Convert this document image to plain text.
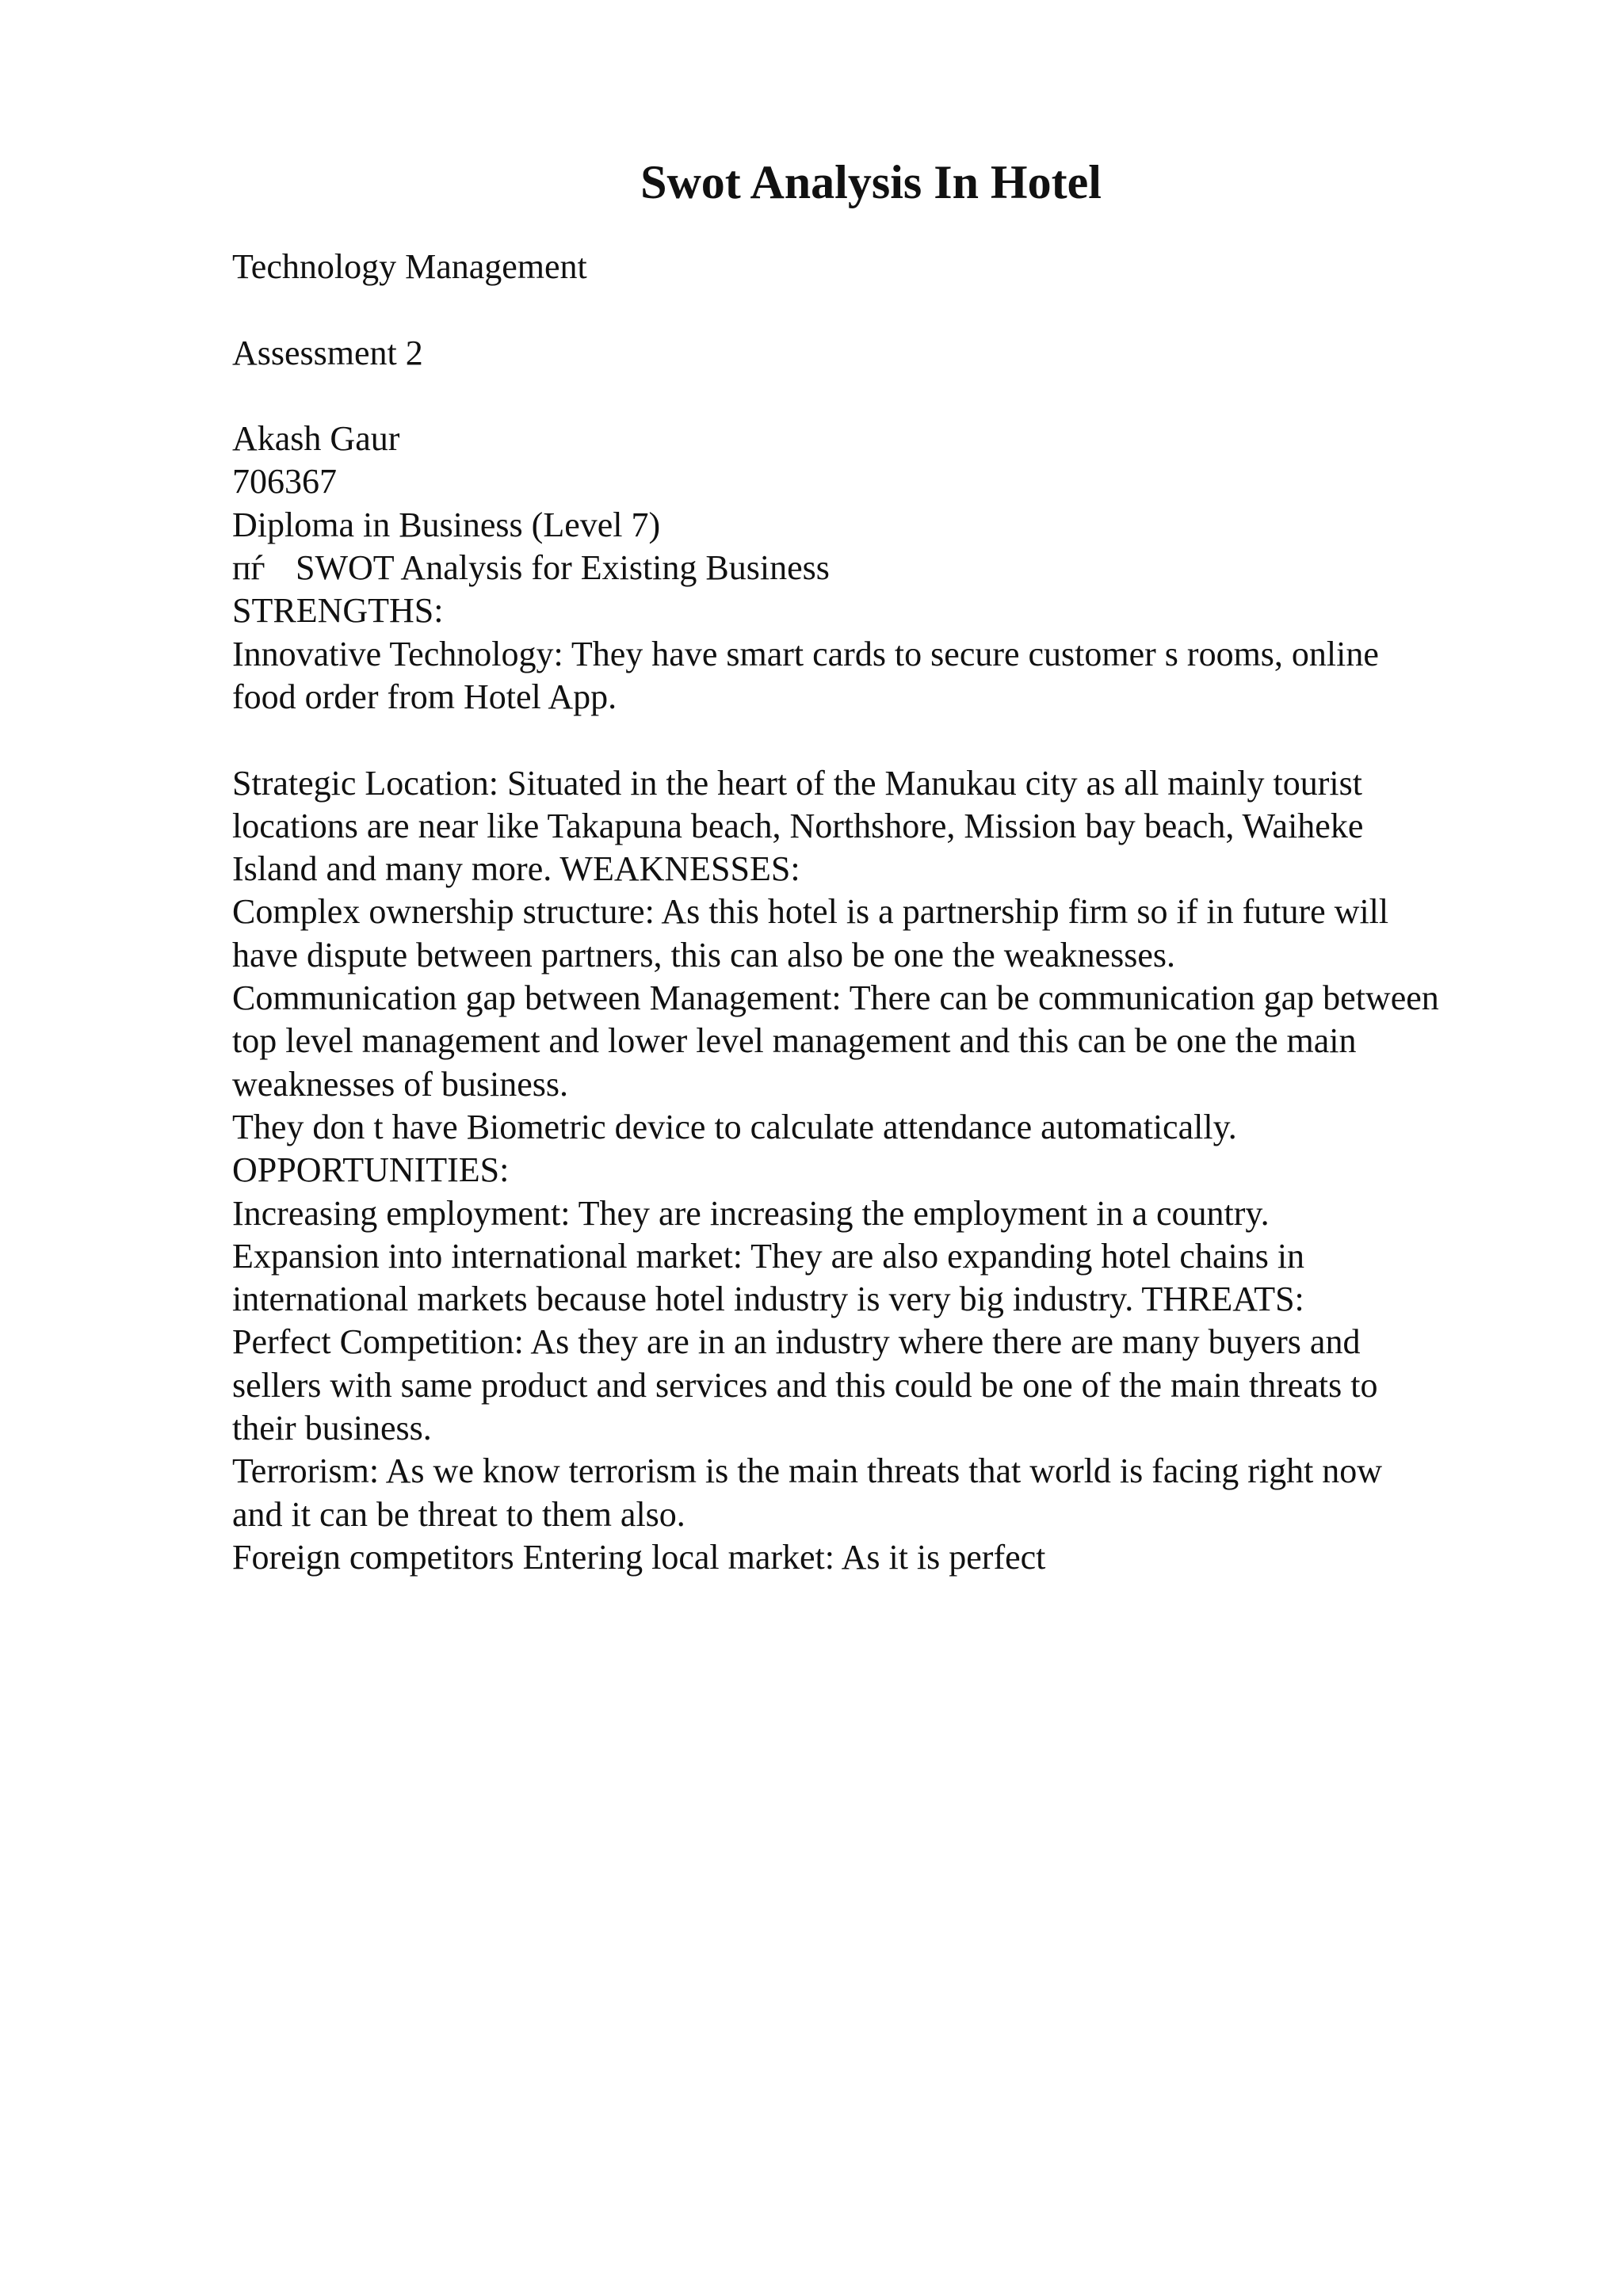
Swot Analysis In Hotel
Technology Management
Assessment 2
Akash Gaur
706367
Diploma in Business (Level 7)
пѓ SWOT Analysis for Existing Business
STRENGTHS:
Innovative Technology: They have smart cards to secure customer s rooms, online
food order from Hotel App.
Strategic Location: Situated in the heart of the Manukau city as all mainly tourist
locations are near like Takapuna beach, Northshore, Mission bay beach, Waiheke
Island and many more. WEAKNESSES:
Complex ownership structure: As this hotel is a partnership firm so if in future will
have dispute between partners, this can also be one the weaknesses.
Communication gap between Management: There can be communication gap between
top level management and lower level management and this can be one the main
weaknesses of business.
They don t have Biometric device to calculate attendance automatically.
OPPORTUNITIES:
Increasing employment: They are increasing the employment in a country.
Expansion into international market: They are also expanding hotel chains in
international markets because hotel industry is very big industry. THREATS:
Perfect Competition: As they are in an industry where there are many buyers and
sellers with same product and services and this could be one of the main threats to
their business.
Terrorism: As we know terrorism is the main threats that world is facing right now
and it can be threat to them also.
Foreign competitors Entering local market: As it is perfect
